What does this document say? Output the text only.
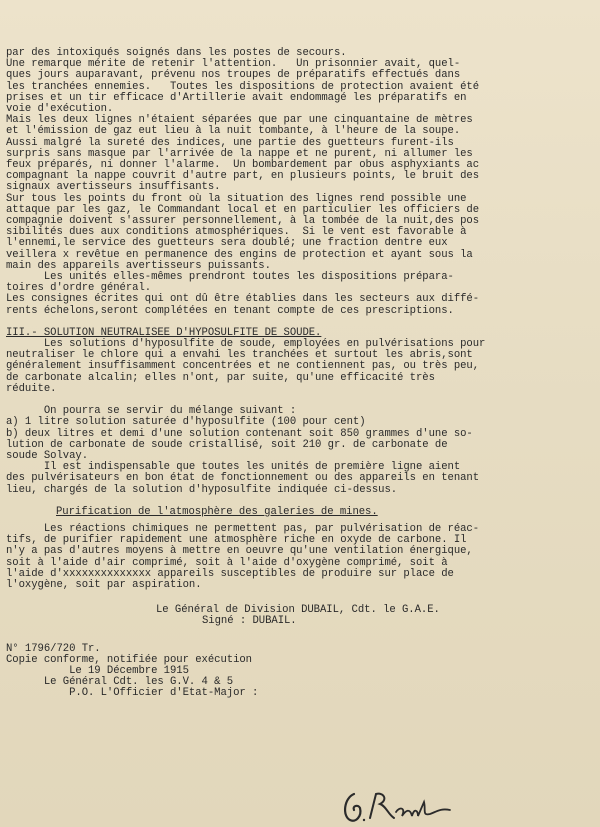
par des intoxiqués soignés dans les postes de secours.
Une remarque mérite de retenir l'attention.   Un prisonnier avait, quel-
ques jours auparavant, prévenu nos troupes de préparatifs effectués dans
les tranchées ennemies.   Toutes les dispositions de protection avaient été
prises et un tir efficace d'Artillerie avait endommagé les préparatifs en
voie d'exécution.
Mais les deux lignes n'étaient séparées que par une cinquantaine de mètres
et l'émission de gaz eut lieu à la nuit tombante, à l'heure de la soupe.
Aussi malgré la sureté des indices, une partie des guetteurs furent-ils
surpris sans masque par l'arrivée de la nappe et ne purent, ni allumer les
feux préparés, ni donner l'alarme.  Un bombardement par obus asphyxiants ac
compagnant la nappe couvrit d'autre part, en plusieurs points, le bruit des
signaux avertisseurs insuffisants.
Sur tous les points du front où la situation des lignes rend possible une
attaque par les gaz, le Commandant local et en particulier les officiers de
compagnie doivent s'assurer personnellement, à la tombée de la nuit,des pos
sibilités dues aux conditions atmosphériques.  Si le vent est favorable à
l'ennemi,le service des guetteurs sera doublé; une fraction dentre eux
veillera x revêtue en permanence des engins de protection et ayant sous la
main des appareils avertisseurs puissants.
Les unités elles-mêmes prendront toutes les dispositions prépara-
toires d'ordre général.
Les consignes écrites qui ont dû être établies dans les secteurs aux diffé-
rents échelons,seront complétées en tenant compte de ces prescriptions.
III.- SOLUTION NEUTRALISEE D'HYPOSULFITE DE SOUDE.
Les solutions d'hyposulfite de soude, employées en pulvérisations pour
neutraliser le chlore qui a envahi les tranchées et surtout les abris,sont
généralement insuffisamment concentrées et ne contiennent pas, ou très peu,
de carbonate alcalin; elles n'ont, par suite, qu'une efficacité très
réduite.
On pourra se servir du mélange suivant :
a) 1 litre solution saturée d'hyposulfite (100 pour cent)
b) deux litres et demi d'une solution contenant soit 850 grammes d'une so-
lution de carbonate de soude cristallisé, soit 210 gr. de carbonate de
soude Solvay.
Il est indispensable que toutes les unités de première ligne aient
des pulvérisateurs en bon état de fonctionnement ou des appareils en tenant
lieu, chargés de la solution d'hyposulfite indiquée ci-dessus.
Purification de l'atmosphère des galeries de mines.
Les réactions chimiques ne permettent pas, par pulvérisation de réac-
tifs, de purifier rapidement une atmosphère riche en oxyde de carbone. Il
n'y a pas d'autres moyens à mettre en oeuvre qu'une ventilation énergique,
soit à l'aide d'air comprimé, soit à l'aide d'oxygène comprimé, soit à
l'aide d'xxxxxxxxxxxxxx appareils susceptibles de produire sur place de
l'oxygène, soit par aspiration.
Le Général de Division DUBAIL, Cdt. le G.A.E.
Signé : DUBAIL.
N° 1796/720 Tr.
Copie conforme, notifiée pour exécution
Le 19 Décembre 1915
Le Général Cdt. les G.V. 4 & 5
P.O. L'Officier d'Etat-Major :
